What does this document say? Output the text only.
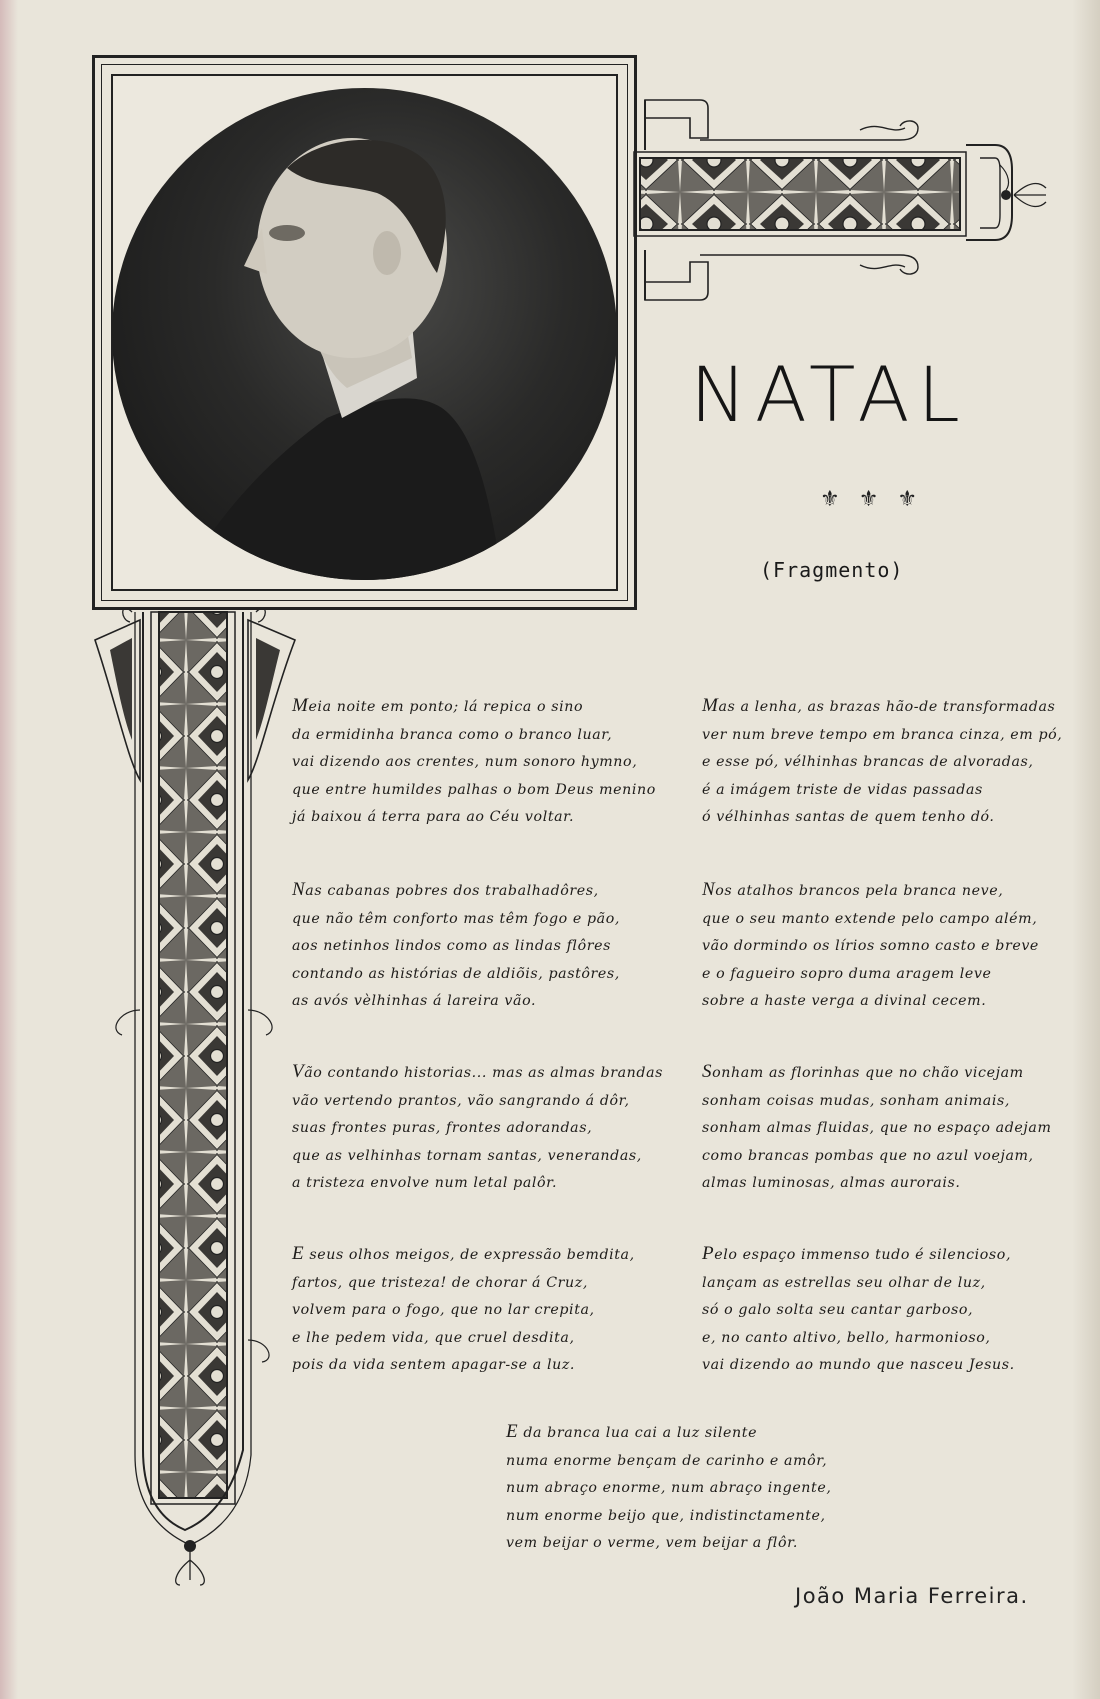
NATAL
⚜ ⚜ ⚜
(Fragmento)
Meia noite em ponto; lá repica o sino
da ermidinha branca como o branco luar,
vai dizendo aos crentes, num sonoro hymno,
que entre humildes palhas o bom Deus menino
já baixou á terra para ao Céu voltar.
Nas cabanas pobres dos trabalhadôres,
que não têm conforto mas têm fogo e pão,
aos netinhos lindos como as lindas flôres
contando as histórias de aldiõis, pastôres,
as avós vèlhinhas á lareira vão.
Vão contando historias... mas as almas brandas
vão vertendo prantos, vão sangrando á dôr,
suas frontes puras, frontes adorandas,
que as velhinhas tornam santas, venerandas,
a tristeza envolve num letal palôr.
E seus olhos meigos, de expressão bemdita,
fartos, que tristeza! de chorar á Cruz,
volvem para o fogo, que no lar crepita,
e lhe pedem vida, que cruel desdita,
pois da vida sentem apagar-se a luz.
Mas a lenha, as brazas hão-de transformadas
ver num breve tempo em branca cinza, em pó,
e esse pó, vélhinhas brancas de alvoradas,
é a imágem triste de vidas passadas
ó vélhinhas santas de quem tenho dó.
Nos atalhos brancos pela branca neve,
que o seu manto extende pelo campo além,
vão dormindo os lírios somno casto e breve
e o fagueiro sopro duma aragem leve
sobre a haste verga a divinal cecem.
Sonham as florinhas que no chão vicejam
sonham coisas mudas, sonham animais,
sonham almas fluidas, que no espaço adejam
como brancas pombas que no azul voejam,
almas luminosas, almas aurorais.
Pelo espaço immenso tudo é silencioso,
lançam as estrellas seu olhar de luz,
só o galo solta seu cantar garboso,
e, no canto altivo, bello, harmonioso,
vai dizendo ao mundo que nasceu Jesus.
E da branca lua cai a luz silente
numa enorme bençam de carinho e amôr,
num abraço enorme, num abraço ingente,
num enorme beijo que, indistinctamente,
vem beijar o verme, vem beijar a flôr.
João Maria Ferreira.
